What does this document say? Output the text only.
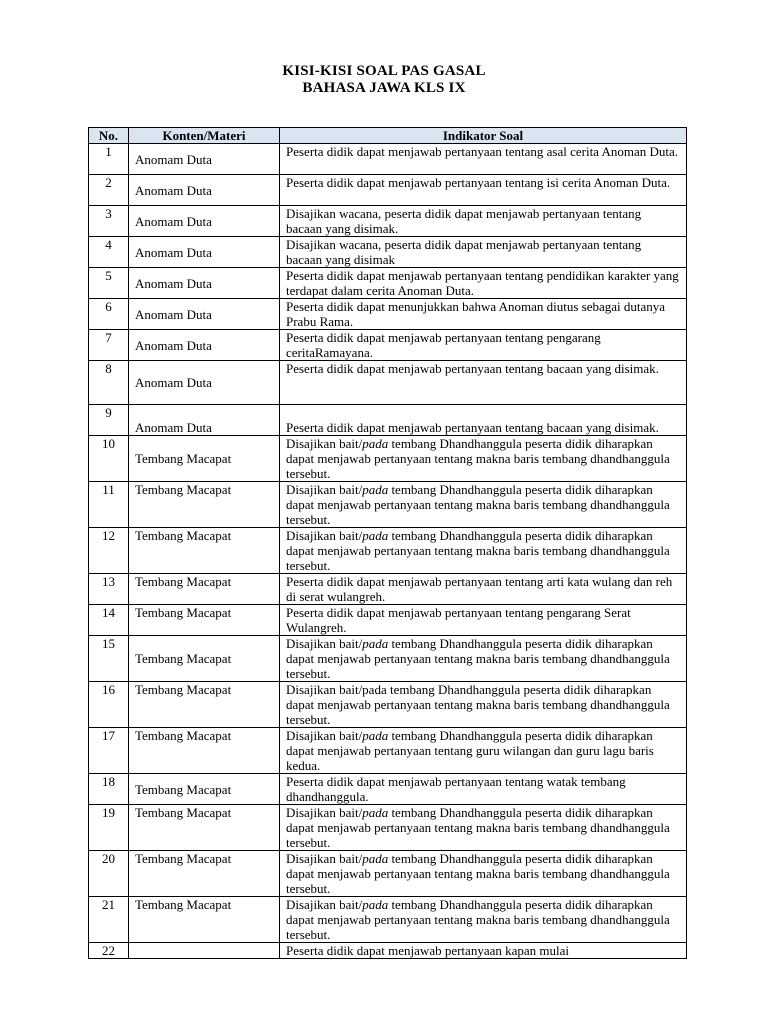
KISI-KISI SOAL PAS GASAL
BAHASA JAWA KLS IX
No.	Konten/Materi	Indikator Soal
1	Anomam Duta	Peserta didik dapat menjawab pertanyaan tentang asal cerita Anoman Duta.
2	Anomam Duta	Peserta didik dapat menjawab pertanyaan tentang isi cerita Anoman Duta.
3	Anomam Duta	Disajikan wacana, peserta didik dapat menjawab pertanyaan tentang bacaan yang disimak.
4	Anomam Duta	Disajikan wacana, peserta didik dapat menjawab pertanyaan tentang bacaan yang disimak
5	Anomam Duta	Peserta didik dapat menjawab pertanyaan tentang pendidikan karakter yang terdapat dalam cerita Anoman Duta.
6	Anomam Duta	Peserta didik dapat menunjukkan bahwa Anoman diutus sebagai dutanya Prabu Rama.
7	Anomam Duta	Peserta didik dapat menjawab pertanyaan tentang pengarang ceritaRamayana.
8	Anomam Duta	Peserta didik dapat menjawab pertanyaan tentang bacaan yang disimak.
9	Anomam Duta	Peserta didik dapat menjawab pertanyaan tentang bacaan yang disimak.
10	Tembang Macapat	Disajikan bait/pada tembang Dhandhanggula peserta didik diharapkan dapat menjawab pertanyaan tentang makna baris tembang dhandhanggula tersebut.
11	Tembang Macapat	Disajikan bait/pada tembang Dhandhanggula peserta didik diharapkan dapat menjawab pertanyaan tentang makna baris tembang dhandhanggula tersebut.
12	Tembang Macapat	Disajikan bait/pada tembang Dhandhanggula peserta didik diharapkan dapat menjawab pertanyaan tentang makna baris tembang dhandhanggula tersebut.
13	Tembang Macapat	Peserta didik dapat menjawab pertanyaan tentang arti kata wulang dan reh di serat wulangreh.
14	Tembang Macapat	Peserta didik dapat menjawab pertanyaan tentang pengarang Serat Wulangreh.
15	Tembang Macapat	Disajikan bait/pada tembang Dhandhanggula peserta didik diharapkan dapat menjawab pertanyaan tentang makna baris tembang dhandhanggula tersebut.
16	Tembang Macapat	Disajikan bait/pada tembang Dhandhanggula peserta didik diharapkan dapat menjawab pertanyaan tentang makna baris tembang dhandhanggula tersebut.
17	Tembang Macapat	Disajikan bait/pada tembang Dhandhanggula peserta didik diharapkan dapat menjawab pertanyaan tentang guru wilangan dan guru lagu baris kedua.
18	Tembang Macapat	Peserta didik dapat menjawab pertanyaan tentang watak tembang dhandhanggula.
19	Tembang Macapat	Disajikan bait/pada tembang Dhandhanggula peserta didik diharapkan dapat menjawab pertanyaan tentang makna baris tembang dhandhanggula tersebut.
20	Tembang Macapat	Disajikan bait/pada tembang Dhandhanggula peserta didik diharapkan dapat menjawab pertanyaan tentang makna baris tembang dhandhanggula tersebut.
21	Tembang Macapat	Disajikan bait/pada tembang Dhandhanggula peserta didik diharapkan dapat menjawab pertanyaan tentang makna baris tembang dhandhanggula tersebut.
22		Peserta didik dapat menjawab pertanyaan kapan mulai
